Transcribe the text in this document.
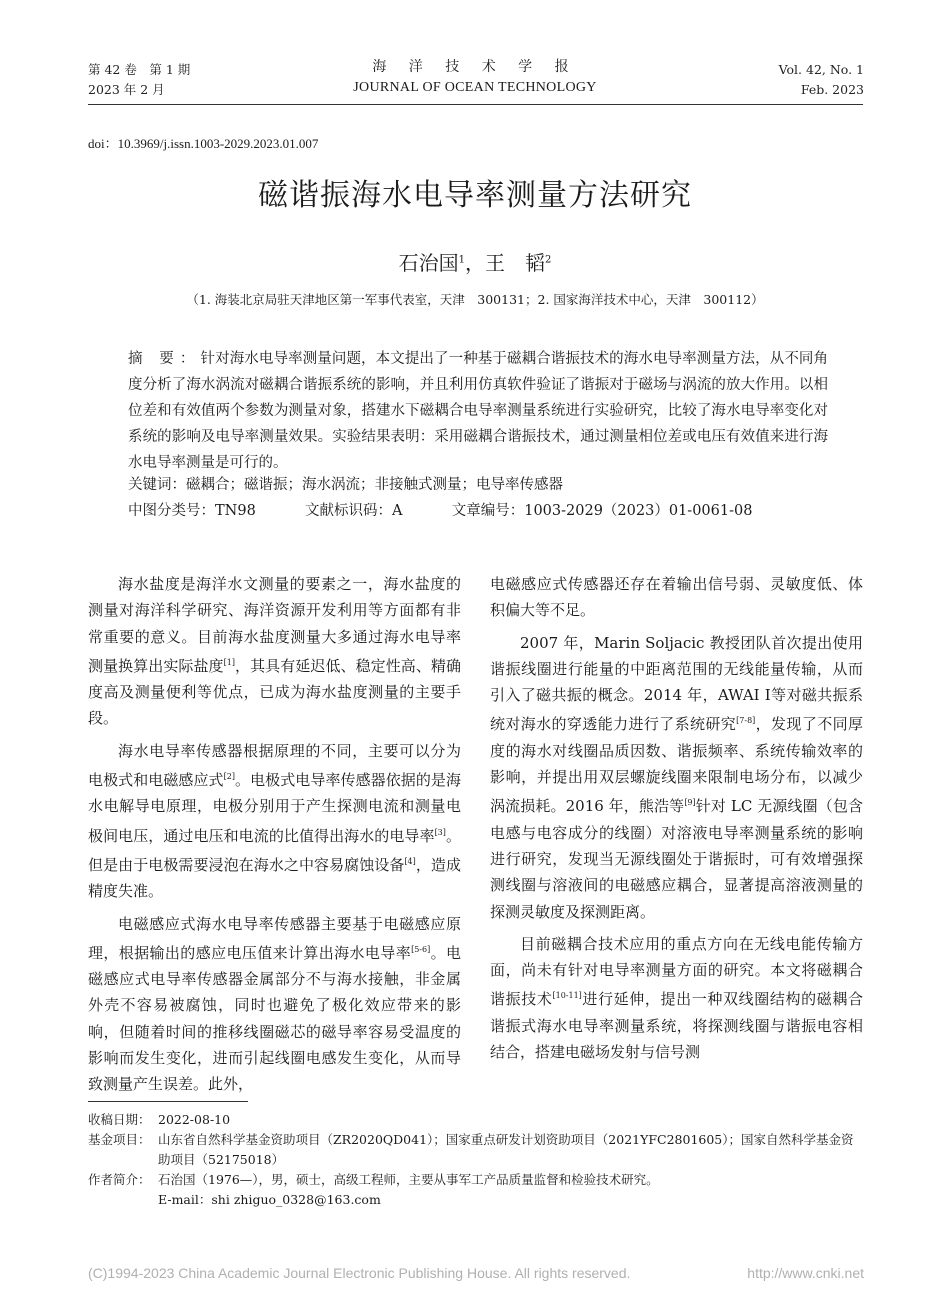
第 42 卷　第 1 期
2023 年 2 月
海 洋 技 术 学 报
JOURNAL OF OCEAN TECHNOLOGY
Vol. 42, No. 1
Feb. 2023
doi：10.3969/j.issn.1003-2029.2023.01.007
磁谐振海水电导率测量方法研究
石治国$^1$，王　韬$^2$
（1. 海装北京局驻天津地区第一军事代表室，天津　300131；2. 国家海洋技术中心，天津　300112）
摘 要：针对海水电导率测量问题，本文提出了一种基于磁耦合谐振技术的海水电导率测量方法，从不同角度分析了海水涡流对磁耦合谐振系统的影响，并且利用仿真软件验证了谐振对于磁场与涡流的放大作用。以相位差和有效值两个参数为测量对象，搭建水下磁耦合电导率测量系统进行实验研究，比较了海水电导率变化对系统的影响及电导率测量效果。实验结果表明：采用磁耦合谐振技术，通过测量相位差或电压有效值来进行海水电导率测量是可行的。
关键词：磁耦合；磁谐振；海水涡流；非接触式测量；电导率传感器
中图分类号：TN98	文献标识码：A	文章编号：1003-2029（2023）01-0061-08

海水盐度是海洋水文测量的要素之一，海水盐度的测量对海洋科学研究、海洋资源开发利用等方面都有非常重要的意义。目前海水盐度测量大多通过海水电导率测量换算出实际盐度[1]，其具有延迟低、稳定性高、精确度高及测量便利等优点，已成为海水盐度测量的主要手段。

海水电导率传感器根据原理的不同，主要可以分为电极式和电磁感应式[2]。电极式电导率传感器依据的是海水电解导电原理，电极分别用于产生探测电流和测量电极间电压，通过电压和电流的比值得出海水的电导率[3]。但是由于电极需要浸泡在海水之中容易腐蚀设备[4]，造成精度失准。

电磁感应式海水电导率传感器主要基于电磁感应原理，根据输出的感应电压值来计算出海水电导率[5-6]。电磁感应式电导率传感器金属部分不与海水接触，非金属外壳不容易被腐蚀，同时也避免了极化效应带来的影响，但随着时间的推移线圈磁芯的磁导率容易受温度的影响而发生变化，进而引起线圈电感发生变化，从而导致测量产生误差。此外，

电磁感应式传感器还存在着输出信号弱、灵敏度低、体积偏大等不足。

2007 年，Marin Soljacic 教授团队首次提出使用谐振线圈进行能量的中距离范围的无线能量传输，从而引入了磁共振的概念。2014 年，AWAI I等对磁共振系统对海水的穿透能力进行了系统研究[7-8]，发现了不同厚度的海水对线圈品质因数、谐振频率、系统传输效率的影响，并提出用双层螺旋线圈来限制电场分布，以减少涡流损耗。2016 年，熊浩等[9]针对 LC 无源线圈（包含电感与电容成分的线圈）对溶液电导率测量系统的影响进行研究，发现当无源线圈处于谐振时，可有效增强探测线圈与溶液间的电磁感应耦合，显著提高溶液测量的探测灵敏度及探测距离。

目前磁耦合技术应用的重点方向在无线电能传输方面，尚未有针对电导率测量方面的研究。本文将磁耦合谐振技术[10-11]进行延伸，提出一种双线圈结构的磁耦合谐振式海水电导率测量系统，将探测线圈与谐振电容相结合，搭建电磁场发射与信号测

收稿日期： 2022-08-10
基金项目： 山东省自然科学基金资助项目（ZR2020QD041）；国家重点研发计划资助项目（2021YFC2801605）；国家自然科学基金资助项目（52175018）
作者简介： 石治国（1976—），男，硕士，高级工程师，主要从事军工产品质量监督和检验技术研究。
E-mail：shi zhiguo_0328@163.com
(C)1994-2023 China Academic Journal Electronic Publishing House. All rights reserved.	http://www.cnki.net
